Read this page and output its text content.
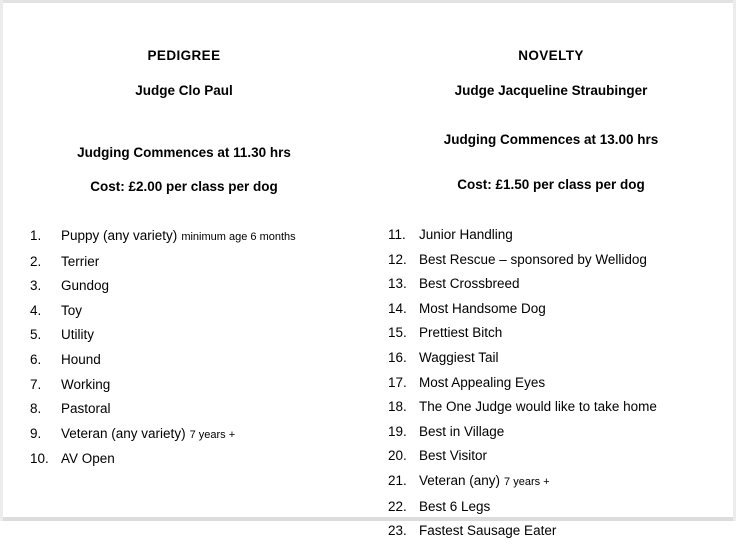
PEDIGREE
Judge Clo Paul
Judging Commences at 11.30 hrs
Cost: £2.00 per class per dog
1.	Puppy (any variety) minimum age 6 months
2.	Terrier
3.	Gundog
4.	Toy
5.	Utility
6.	Hound
7.	Working
8.	Pastoral
9.	Veteran (any variety) 7 years +
10. AV Open
NOVELTY
Judge Jacqueline Straubinger
Judging Commences at 13.00 hrs
Cost: £1.50 per class per dog
11. Junior Handling
12. Best Rescue – sponsored by Wellidog
13. Best Crossbreed
14. Most Handsome Dog
15. Prettiest Bitch
16. Waggiest Tail
17. Most Appealing Eyes
18. The One Judge would like to take home
19. Best in Village
20. Best Visitor
21. Veteran (any) 7 years +
22. Best 6 Legs
23. Fastest Sausage Eater
